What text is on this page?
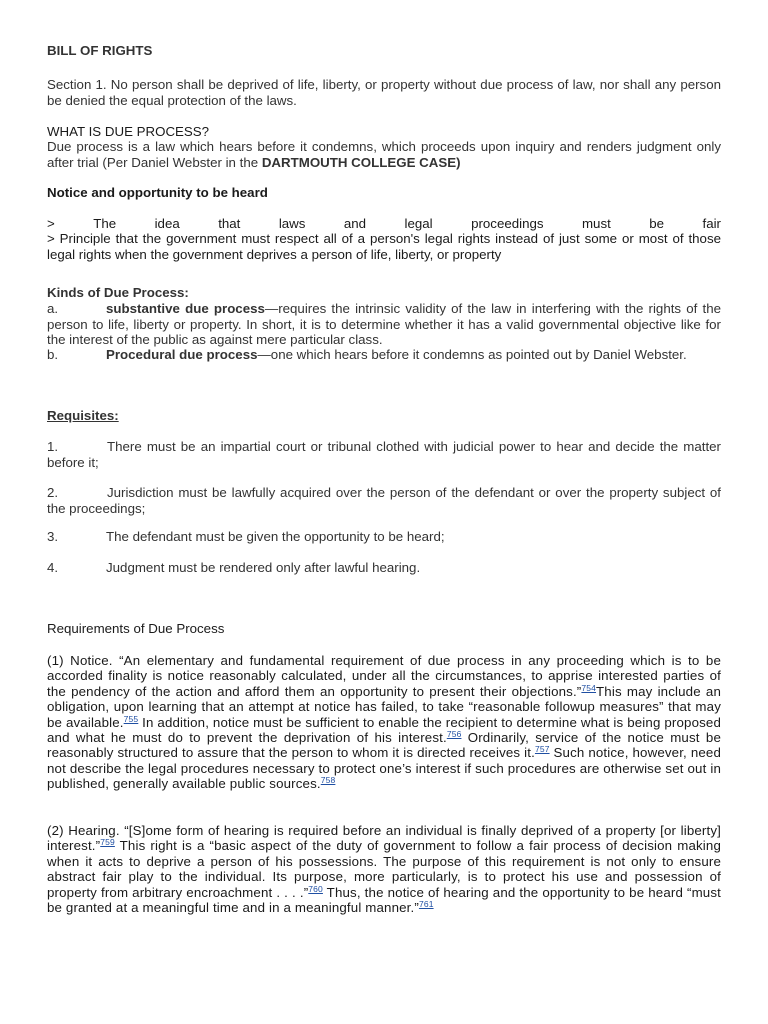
BILL OF RIGHTS

Section 1. No person shall be deprived of life, liberty, or property without due process of law, nor shall any person be denied the equal protection of the laws.

WHAT IS DUE PROCESS?

Due process is a law which hears before it condemns, which proceeds upon inquiry and renders judgment only after trial (Per Daniel Webster in the DARTMOUTH COLLEGE CASE)

Notice and opportunity to be heard

>	The	idea	that	laws	and	legal	proceedings	must	be	fair

> Principle that the government must respect all of a person's legal rights instead of just some or most of those legal rights when the government deprives a person of life, liberty, or property

Kinds of Due Process:

a.	substantive due process—requires the intrinsic validity of the law in interfering with the rights of the person to life, liberty or property. In short, it is to determine whether it has a valid governmental objective like for the interest of the public as against mere particular class.

b.	Procedural due process—one which hears before it condemns as pointed out by Daniel Webster.

Requisites:

1.	There must be an impartial court or tribunal clothed with judicial power to hear and decide the matter before it;

2.	Jurisdiction must be lawfully acquired over the person of the defendant or over the property subject of the proceedings;

3.	The defendant must be given the opportunity to be heard;

4.	Judgment must be rendered only after lawful hearing.

Requirements of Due Process

(1) Notice. “An elementary and fundamental requirement of due process in any proceeding which is to be accorded finality is notice reasonably calculated, under all the circumstances, to apprise interested parties of the pendency of the action and afford them an opportunity to present their objections.”$^{754}$This may include an obligation, upon learning that an attempt at notice has failed, to take “reasonable followup measures” that may be available.$^{755}$ In addition, notice must be sufficient to enable the recipient to determine what is being proposed and what he must do to prevent the deprivation of his interest.$^{756}$ Ordinarily, service of the notice must be reasonably structured to assure that the person to whom it is directed receives it.$^{757}$ Such notice, however, need not describe the legal procedures necessary to protect one’s interest if such procedures are otherwise set out in published, generally available public sources.$^{758}$

(2) Hearing. “[S]ome form of hearing is required before an individual is finally deprived of a property [or liberty] interest.”$^{759}$ This right is a “basic aspect of the duty of government to follow a fair process of decision making when it acts to deprive a person of his possessions. The purpose of this requirement is not only to ensure abstract fair play to the individual. Its purpose, more particularly, is to protect his use and possession of property from arbitrary encroachment . . . .”$^{760}$ Thus, the notice of hearing and the opportunity to be heard “must be granted at a meaningful time and in a meaningful manner.”$^{761}$
